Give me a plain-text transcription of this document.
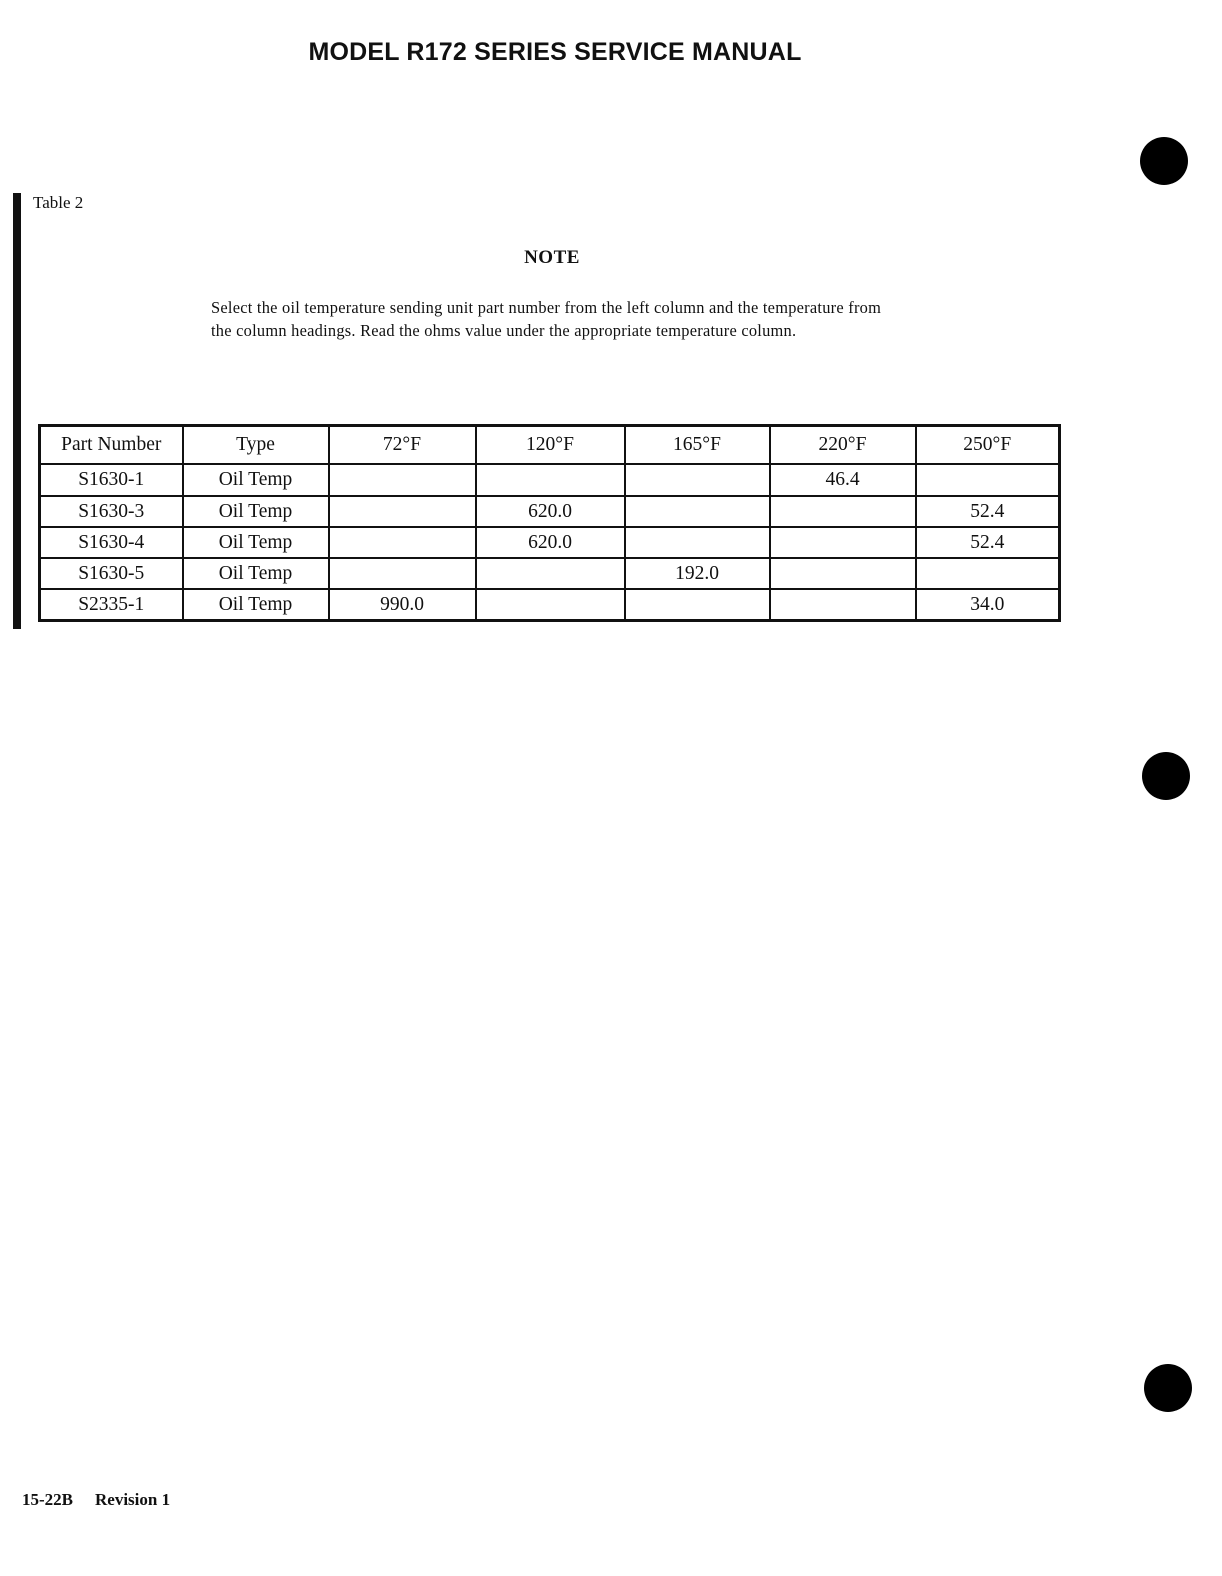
MODEL R172 SERIES SERVICE MANUAL
Table 2
NOTE
Select the oil temperature sending unit part number from the left column and the temperature from the column headings. Read the ohms value under the appropriate temperature column.
Part Number	Type	72°F	120°F	165°F	220°F	250°F
S1630-1	Oil Temp				46.4	
S1630-3	Oil Temp		620.0			52.4
S1630-4	Oil Temp		620.0			52.4
S1630-5	Oil Temp			192.0		
S2335-1	Oil Temp	990.0				34.0
15-22B Revision 1
